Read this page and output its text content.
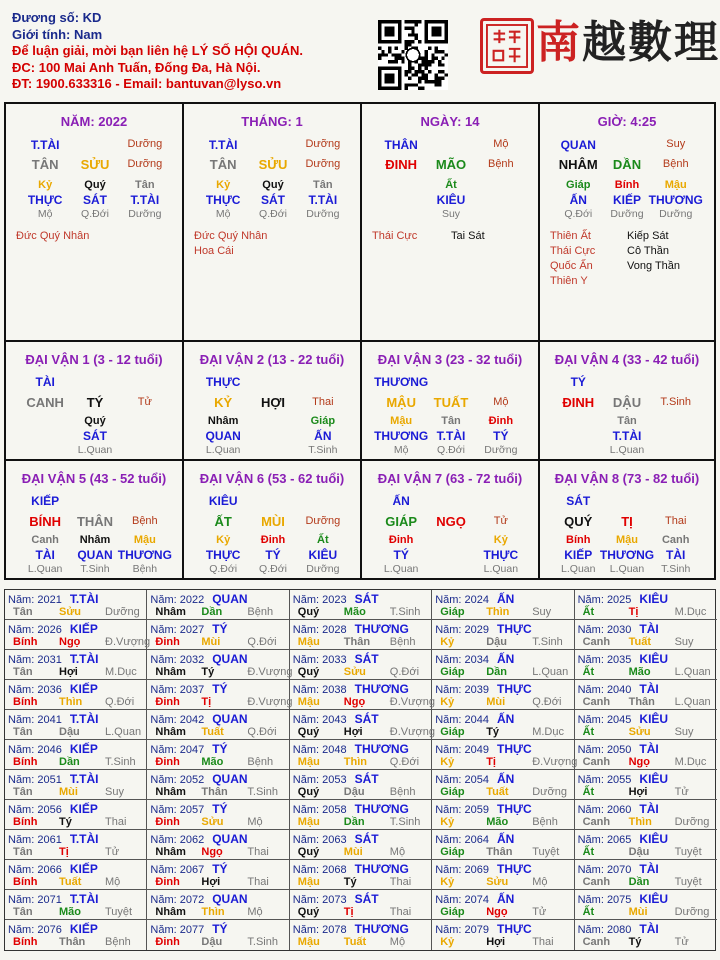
Đương số: KD
Giới tính: Nam
Để luận giải, mời bạn liên hệ LÝ SỐ HỘI QUÁN.
ĐC: 100 Mai Anh Tuấn, Đống Đa, Hà Nội.
ĐT: 1900.633316 - Email: bantuvan@lyso.vn
南越數理
NĂM: 2022
T.TÀI	Dưỡng
TÂN SỬU Dưỡng
Kỷ	Quý	Tân
THỰC SÁT T.TÀI
Mộ	Q.Đới Dưỡng
Đức Quý Nhân
THÁNG: 1
T.TÀI	Dưỡng
TÂN SỬU Dưỡng
Kỷ	Quý	Tân
THỰC SÁT T.TÀI
Mộ	Q.Đới Dưỡng
Đức Quý Nhân
Hoa Cái
NGÀY: 14
THÂN	Mộ
ĐINH MÃO Bệnh
Ất
KIÊU
Suy
Thái Cực	Tai Sát
GIỜ: 4:25
QUAN	Suy
NHÂM DẦN Bệnh
Giáp Bính Mậu
ẤN KIẾP THƯƠNG
Q.Đới Dưỡng Dưỡng
Thiên Ất
Thái Cực
Quốc Ấn
Thiên Y
Kiếp Sát
Cô Thần
Vong Thần
ĐẠI VẬN 1 (3 - 12 tuổi)
TÀI
CANH TÝ	Tử
Quý
SÁT
L.Quan
ĐẠI VẬN 2 (13 - 22 tuổi)
THỰC
KỶ HỢI Thai
Nhâm	Giáp
QUAN	ẤN
L.Quan	T.Sinh
ĐẠI VẬN 3 (23 - 32 tuổi)
THƯƠNG
MẬU TUẤT Mộ
Mậu	Tân	Đinh
THƯƠNG T.TÀI TÝ
Mộ	Q.Đới Dưỡng
ĐẠI VẬN 4 (33 - 42 tuổi)
TÝ
ĐINH DẬU T.Sinh
Tân
T.TÀI
L.Quan
ĐẠI VẬN 5 (43 - 52 tuổi)
KIẾP
BÍNH THÂN Bệnh
Canh Nhâm Mậu
TÀI QUAN THƯƠNG
L.Quan T.Sinh Bệnh
ĐẠI VẬN 6 (53 - 62 tuổi)
KIÊU
ẤT MÙI Dưỡng
Kỷ	Đinh	Ất
THỰC TÝ KIÊU
Q.Đới Q.Đới Dưỡng
ĐẠI VẬN 7 (63 - 72 tuổi)
ẤN
GIÁP NGỌ	Tử
Đinh	Kỷ
TÝ	THỰC
L.Quan	L.Quan
ĐẠI VẬN 8 (73 - 82 tuổi)
SÁT
QUÝ TỊ	Thai
Bính Mậu Canh
KIẾP THƯƠNG TÀI
L.Quan L.Quan T.Sinh
Năm: 2021 T.TÀI
Tân Sửu Dưỡng
Năm: 2022 QUAN
Nhâm Dần Bệnh
Năm: 2023 SÁT
Quý Mão T.Sinh
Năm: 2024 ẤN
Giáp Thìn Suy
Năm: 2025 KIÊU
Ất	Tị	M.Dục
Năm: 2026 KIẾP
Bính Ngọ Đ.Vượng
Năm: 2027 TÝ
Đinh Mùi Q.Đới
Năm: 2028 THƯƠNG
Mậu Thân Bệnh
Năm: 2029 THỰC
Kỷ	Dậu T.Sinh
Năm: 2030 TÀI
Canh Tuất Suy
Năm: 2031 T.TÀI
Tân Hợi M.Dục
Năm: 2032 QUAN
Nhâm Tý	Đ.Vượng
Năm: 2033 SÁT
Quý Sửu Q.Đới
Năm: 2034 ẤN
Giáp Dần L.Quan
Năm: 2035 KIÊU
Ất	Mão L.Quan
Năm: 2036 KIẾP
Bính Thìn Q.Đới
Năm: 2037 TÝ
Đinh Tị	Đ.Vượng
Năm: 2038 THƯƠNG
Mậu Ngọ Đ.Vượng
Năm: 2039 THỰC
Kỷ	Mùi Q.Đới
Năm: 2040 TÀI
Canh Thân L.Quan
Năm: 2041 T.TÀI
Tân Dậu L.Quan
Năm: 2042 QUAN
Nhâm Tuất Q.Đới
Năm: 2043 SÁT
Quý Hợi Đ.Vượng
Năm: 2044 ẤN
Giáp Tý	M.Dục
Năm: 2045 KIÊU
Ất	Sửu Suy
Năm: 2046 KIẾP
Bính Dần T.Sinh
Năm: 2047 TÝ
Đinh Mão Bệnh
Năm: 2048 THƯƠNG
Mậu Thìn Q.Đới
Năm: 2049 THỰC
Kỷ	Tị	Đ.Vượng
Năm: 2050 TÀI
Canh Ngọ M.Dục
Năm: 2051 T.TÀI
Tân Mùi Suy
Năm: 2052 QUAN
Nhâm Thân T.Sinh
Năm: 2053 SÁT
Quý Dậu Bệnh
Năm: 2054 ẤN
Giáp Tuất Dưỡng
Năm: 2055 KIÊU
Ất	Hợi Tử
Năm: 2056 KIẾP
Bính Tý	Thai
Năm: 2057 TÝ
Đinh Sửu Mộ
Năm: 2058 THƯƠNG
Mậu Dần T.Sinh
Năm: 2059 THỰC
Kỷ	Mão Bệnh
Năm: 2060 TÀI
Canh Thìn Dưỡng
Năm: 2061 T.TÀI
Tân Tị	Tử
Năm: 2062 QUAN
Nhâm Ngọ Thai
Năm: 2063 SÁT
Quý Mùi Mộ
Năm: 2064 ẤN
Giáp Thân Tuyệt
Năm: 2065 KIÊU
Ất	Dậu Tuyệt
Năm: 2066 KIẾP
Bính Tuất Mộ
Năm: 2067 TÝ
Đinh Hợi Thai
Năm: 2068 THƯƠNG
Mậu Tý	Thai
Năm: 2069 THỰC
Kỷ	Sửu Mộ
Năm: 2070 TÀI
Canh Dần Tuyệt
Năm: 2071 T.TÀI
Tân Mão Tuyệt
Năm: 2072 QUAN
Nhâm Thìn Mộ
Năm: 2073 SÁT
Quý Tị	Thai
Năm: 2074 ẤN
Giáp Ngọ Tử
Năm: 2075 KIÊU
Ất	Mùi Dưỡng
Năm: 2076 KIẾP
Bính Thân Bệnh
Năm: 2077 TÝ
Đinh Dậu T.Sinh
Năm: 2078 THƯƠNG
Mậu Tuất Mộ
Năm: 2079 THỰC
Kỷ	Hợi Thai
Năm: 2080 TÀI
Canh Tý	Tử
